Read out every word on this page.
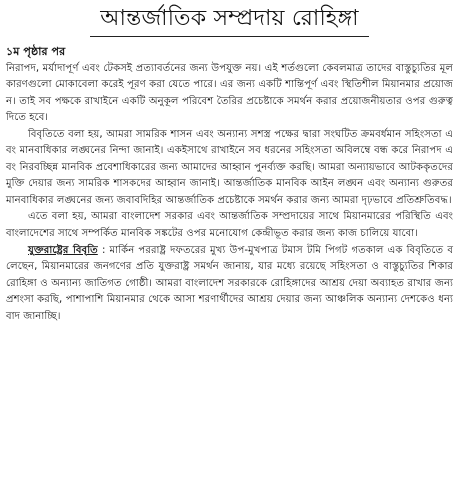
আন্তর্জাতিক সম্প্রদায় রোহিঙ্গা

১ম পৃষ্ঠার পর

নিরাপদ, মর্যাদাপূর্ণ এবং টেকসই প্রত্যাবর্তনের জন্য উপযুক্ত নয়। এই শর্তগুলো কেবলমাত্র তাদের বাস্তুচ্যুতির মূল কারণগুলো মোকাবেলা করেই পূরণ করা যেতে পারে। এর জন্য একটি শান্তিপূর্ণ এবং স্থিতিশীল মিয়ানমার প্রয়োজন। তাই সব পক্ষকে রাখাইনে একটি অনুকূল পরিবেশ তৈরির প্রচেষ্টাকে সমর্থন করার প্রয়োজনীয়তার ওপর গুরুত্ব দিতে হবে।

বিবৃতিতে বলা হয়, আমরা সামরিক শাসন এবং অন্যান্য সশস্ত্র পক্ষের দ্বারা সংঘটিত ক্রমবর্ধমান সহিংসতা এবং মানবাধিকার লঙ্ঘনের নিন্দা জানাই। একইসাথে রাখাইনে সব ধরনের সহিংসতা অবিলম্বে বন্ধ করে নিরাপদ এবং নিরবচ্ছিন্ন মানবিক প্রবেশাধিকারের জন্য আমাদের আহ্বান পুনর্ব্যক্ত করছি। আমরা অন্যায়ভাবে আটককৃতদের মুক্তি দেয়ার জন্য সামরিক শাসকদের আহ্বান জানাই। আন্তর্জাতিক মানবিক আইন লঙ্ঘন এবং অন্যান্য গুরুতর মানবাধিকার লঙ্ঘনের জন্য জবাবদিহির আন্তর্জাতিক প্রচেষ্টাকে সমর্থন করার জন্য আমরা দৃঢ়ভাবে প্রতিশ্রুতিবদ্ধ।

এতে বলা হয়, আমরা বাংলাদেশ সরকার এবং আন্তর্জাতিক সম্প্রদায়ের সাথে মিয়ানমারের পরিস্থিতি এবং বাংলাদেশের সাথে সম্পর্কিত মানবিক সঙ্কটের ওপর মনোযোগ কেন্দ্রীভূত করার জন্য কাজ চালিয়ে যাবো।

যুক্তরাষ্ট্রের বিবৃতি : মার্কিন পররাষ্ট্র দফতরের মুখ্য উপ-মুখপাত্র টমাস টমি পিগট গতকাল এক বিবৃতিতে বলেছেন, মিয়ানমারের জনগণের প্রতি যুক্তরাষ্ট্র সমর্থন জানায়, যার মধ্যে রয়েছে সহিংসতা ও বাস্তুচ্যুতির শিকার রোহিঙ্গা ও অন্যান্য জাতিগত গোষ্ঠী। আমরা বাংলাদেশ সরকারকে রোহিঙ্গাদের আশ্রয় দেয়া অব্যাহত রাখার জন্য প্রশংসা করছি, পাশাপাশি মিয়ানমার থেকে আসা শরণার্থীদের আশ্রয় দেয়ার জন্য আঞ্চলিক অন্যান্য দেশকেও ধন্যবাদ জানাচ্ছি।
